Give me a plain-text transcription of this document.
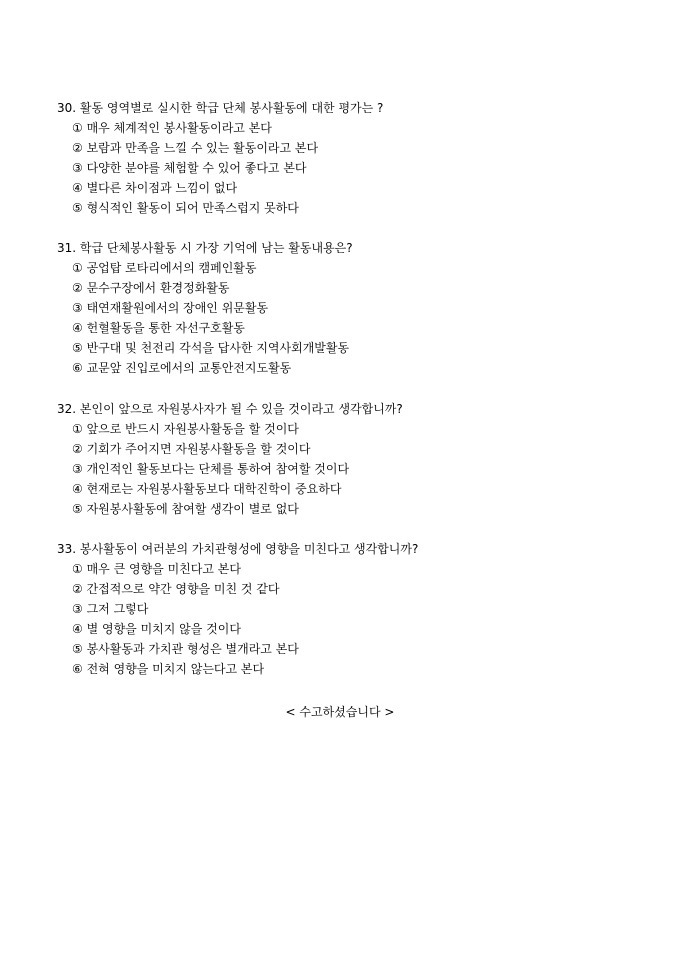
30. 활동 영역별로 실시한 학급 단체 봉사활동에 대한 평가는 ?
① 매우 체계적인 봉사활동이라고 본다
② 보람과 만족을 느낄 수 있는 활동이라고 본다
③ 다양한 분야를 체험할 수 있어 좋다고 본다
④ 별다른 차이점과 느낌이 없다
⑤ 형식적인 활동이 되어 만족스럽지 못하다
31. 학급 단체봉사활동 시 가장 기억에 남는 활동내용은?
① 공업탑 로타리에서의 캠페인활동
② 문수구장에서 환경정화활동
③ 태연재활원에서의 장애인 위문활동
④ 헌혈활동을 통한 자선구호활동
⑤ 반구대 및 천전리 각석을 답사한 지역사회개발활동
⑥ 교문앞 진입로에서의 교통안전지도활동
32. 본인이 앞으로 자원봉사자가 될 수 있을 것이라고 생각합니까?
① 앞으로 반드시 자원봉사활동을 할 것이다
② 기회가 주어지면 자원봉사활동을 할 것이다
③ 개인적인 활동보다는 단체를 통하여 참여할 것이다
④ 현재로는 자원봉사활동보다 대학진학이 중요하다
⑤ 자원봉사활동에 참여할 생각이 별로 없다
33. 봉사활동이 여러분의 가치관형성에 영향을 미친다고 생각합니까?
① 매우 큰 영향을 미친다고 본다
② 간접적으로 약간 영향을 미친 것 같다
③ 그저 그렇다
④ 별 영향을 미치지 않을 것이다
⑤ 봉사활동과 가치관 형성은 별개라고 본다
⑥ 전혀 영향을 미치지 않는다고 본다
< 수고하셨습니다 >
